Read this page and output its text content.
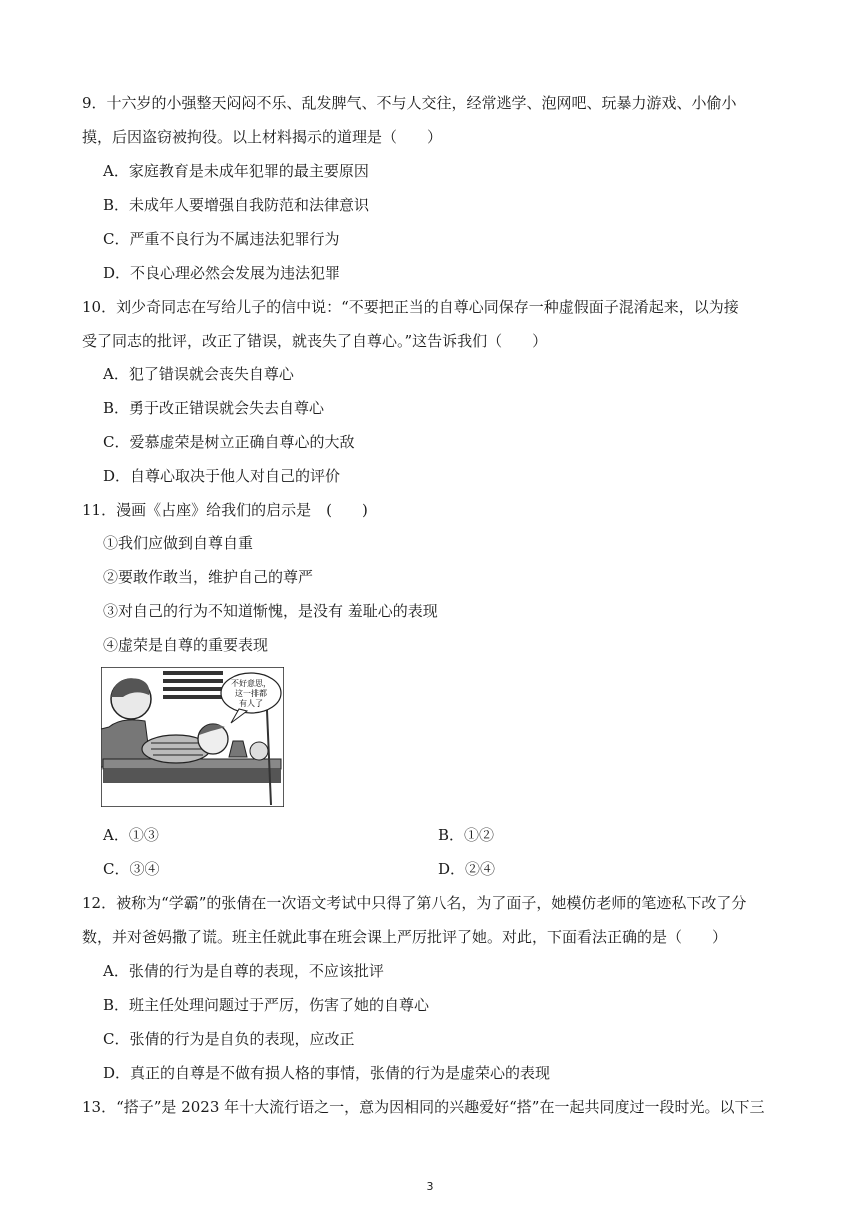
9．十六岁的小强整天闷闷不乐、乱发脾气、不与人交往，经常逃学、泡网吧、玩暴力游戏、小偷小
摸，后因盗窃被拘役。以上材料揭示的道理是（　　）
A．家庭教育是未成年犯罪的最主要原因
B．未成年人要增强自我防范和法律意识
C．严重不良行为不属违法犯罪行为
D．不良心理必然会发展为违法犯罪
10．刘少奇同志在写给儿子的信中说：“不要把正当的自尊心同保存一种虚假面子混淆起来，以为接
受了同志的批评，改正了错误，就丧失了自尊心。”这告诉我们（　　）
A．犯了错误就会丧失自尊心
B．勇于改正错误就会失去自尊心
C．爱慕虚荣是树立正确自尊心的大敌
D．自尊心取决于他人对自己的评价
11．漫画《占座》给我们的启示是　(　　)
①我们应做到自尊自重
②要敢作敢当，维护自己的尊严
③对自己的行为不知道惭愧，是没有 羞耻心的表现
④虚荣是自尊的重要表现
不好意思，
这一排都
有人了
A．①③	B．①②
C．③④	D．②④
12．被称为“学霸”的张倩在一次语文考试中只得了第八名，为了面子，她模仿老师的笔迹私下改了分
数，并对爸妈撒了谎。班主任就此事在班会课上严厉批评了她。对此，下面看法正确的是（　　）
A．张倩的行为是自尊的表现，不应该批评
B．班主任处理问题过于严厉，伤害了她的自尊心
C．张倩的行为是自负的表现，应改正
D．真正的自尊是不做有损人格的事情，张倩的行为是虚荣心的表现
13．“搭子”是 2023 年十大流行语之一，意为因相同的兴趣爱好“搭”在一起共同度过一段时光。以下三
3
